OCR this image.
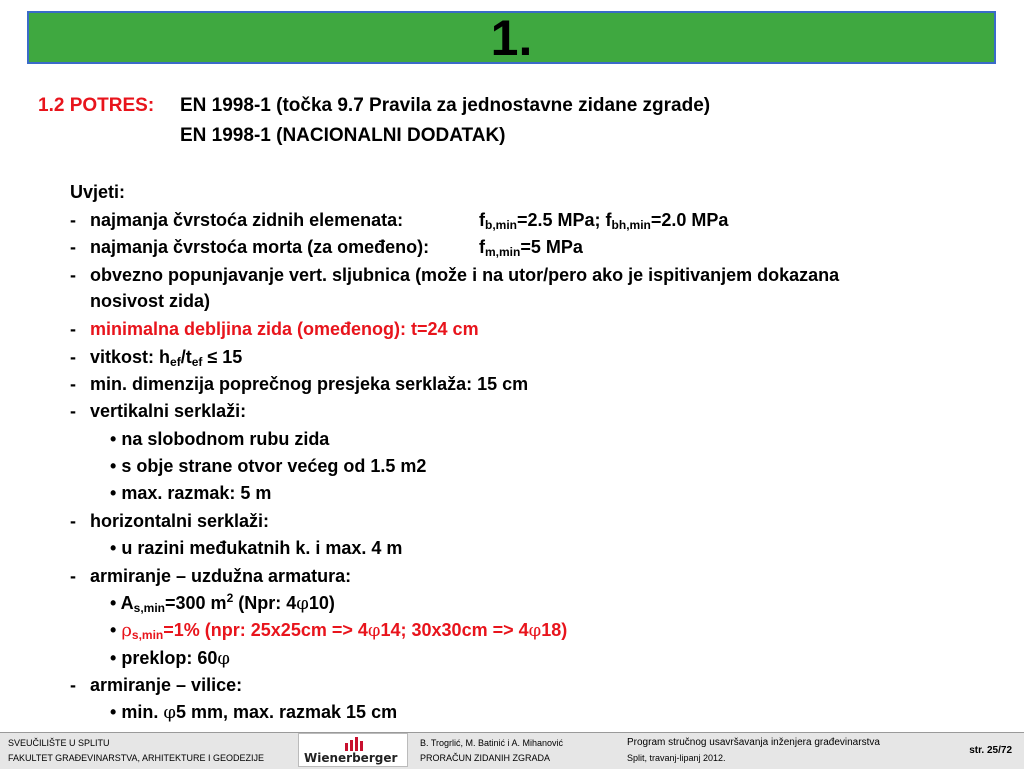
1.
1.2 POTRES: EN 1998-1 (točka 9.7 Pravila za jednostavne zidane zgrade)
EN 1998-1 (NACIONALNI DODATAK)
Uvjeti:
- najmanja čvrstoća zidnih elemenata:	$f_{b,min}=2.5$ MPa; $f_{bh,min}=2.0$ MPa
- najmanja čvrstoća morta (za omeđeno):	$f_{m,min}=5$ MPa
- obvezno popunjavanje vert. sljubnica (može i na utor/pero ako je ispitivanjem dokazana
nosivost zida)
- minimalna debljina zida (omeđenog): t=24 cm
- vitkost: $h_{ef}/t_{ef} \le 15$
- min. dimenzija poprečnog presjeka serklaža: 15 cm
- vertikalni serklaži:
• na slobodnom rubu zida
• s obje strane otvor većeg od 1.5 m2
• max. razmak: 5 m
- horizontalni serklaži:
• u razini međukatnih k. i max. 4 m
- armiranje – uzdužna armatura:
• $A_{s,min}=300$ $m^2$ (Npr: 4φ10)
• $\rho_{s,min}=1\%$ (npr: 25x25cm => 4φ14; 30x30cm => 4φ18)
• preklop: 60φ
- armiranje – vilice:
• min. φ5 mm, max. razmak 15 cm
SVEUČILIŠTE U SPLITU
FAKULTET GRAĐEVINARSTVA, ARHITEKTURE I GEODEZIJE	Wienerberger
B. Trogrlić, M. Batinić i A. Mihanović
PRORAČUN ZIDANIH ZGRADA
Program stručnog usavršavanja inženjera građevinarstva
Split, travanj-lipanj 2012.
str. 25/72
